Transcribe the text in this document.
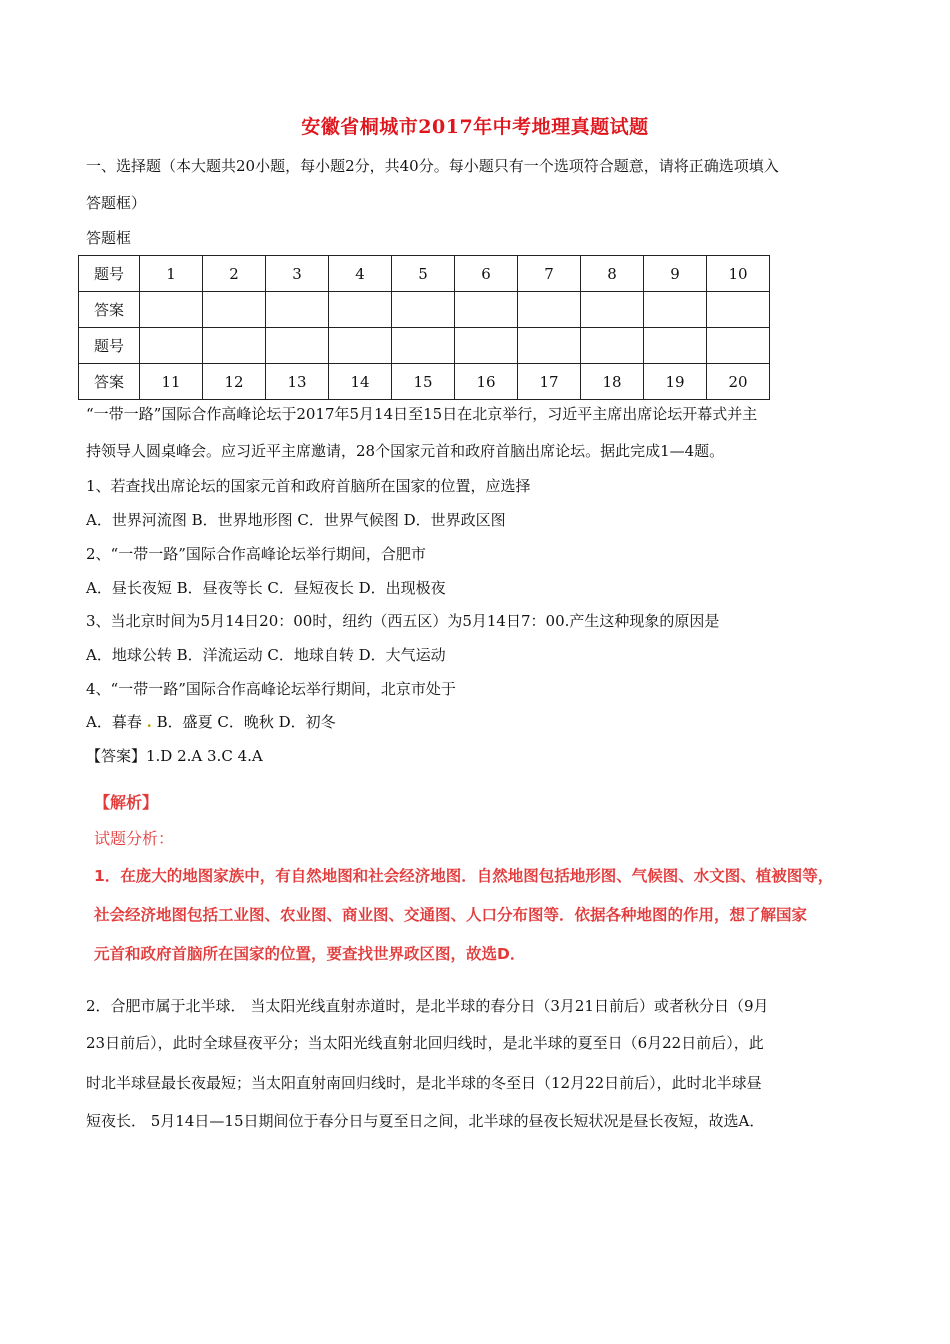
安徽省桐城市2017年中考地理真题试题
一、选择题（本大题共20小题，每小题2分，共40分。每小题只有一个选项符合题意，请将正确选项填入
答题框）
答题框
题号	1	2	3	4	5	6	7	8	9	10
答案										
题号										
答案	11	12	13	14	15	16	17	18	19	20
“一带一路”国际合作高峰论坛于2017年5月14日至15日在北京举行，习近平主席出席论坛开幕式并主
持领导人圆桌峰会。应习近平主席邀请，28个国家元首和政府首脑出席论坛。据此完成1—4题。
1、若查找出席论坛的国家元首和政府首脑所在国家的位置，应选择
A．世界河流图 B．世界地形图 C．世界气候图 D．世界政区图
2、“一带一路”国际合作高峰论坛举行期间，合肥市
A．昼长夜短 B．昼夜等长 C．昼短夜长 D．出现极夜
3、当北京时间为5月14日20：00时，纽约（西五区）为5月14日7：00.产生这种现象的原因是
A．地球公转 B．洋流运动 C．地球自转 D．大气运动
4、“一带一路”国际合作高峰论坛举行期间，北京市处于
A．暮春 . B．盛夏 C．晚秋 D．初冬
【答案】1.D 2.A 3.C 4.A
【解析】
试题分析：
1．在庞大的地图家族中，有自然地图和社会经济地图．自然地图包括地形图、气候图、水文图、植被图等，
社会经济地图包括工业图、农业图、商业图、交通图、人口分布图等．依据各种地图的作用，想了解国家
元首和政府首脑所在国家的位置，要查找世界政区图，故选D．
2．合肥市属于北半球． 当太阳光线直射赤道时，是北半球的春分日（3月21日前后）或者秋分日（9月
23日前后），此时全球昼夜平分；当太阳光线直射北回归线时，是北半球的夏至日（6月22日前后），此
时北半球昼最长夜最短；当太阳直射南回归线时，是北半球的冬至日（12月22日前后），此时北半球昼
短夜长． 5月14日—15日期间位于春分日与夏至日之间，北半球的昼夜长短状况是昼长夜短，故选A．
